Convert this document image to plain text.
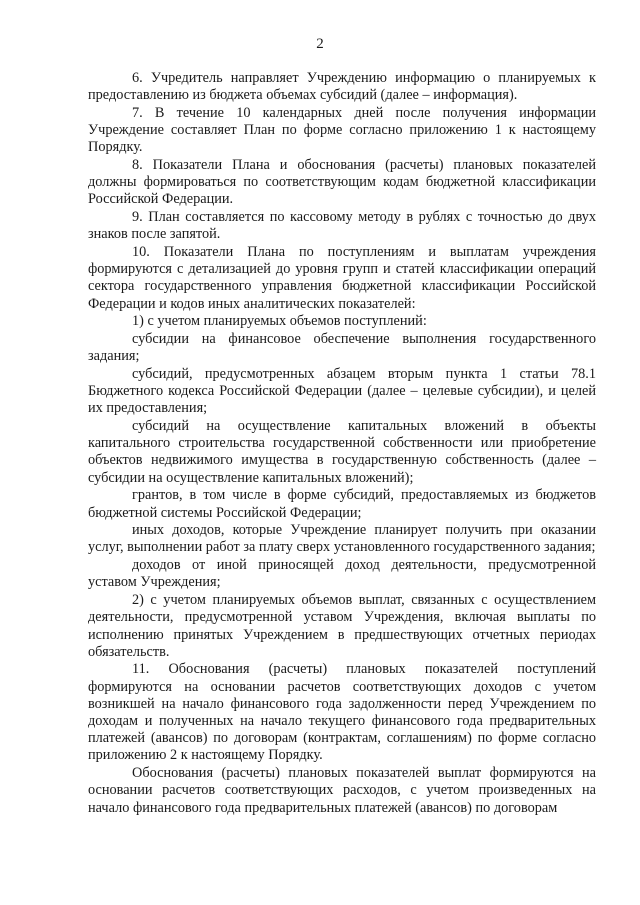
2

6. Учредитель направляет Учреждению информацию о планируемых к предоставлению из бюджета объемах субсидий (далее – информация).

7. В течение 10 календарных дней после получения информации Учреждение составляет План по форме согласно приложению 1 к настоящему Порядку.

8. Показатели Плана и обоснования (расчеты) плановых показателей должны формироваться по соответствующим кодам бюджетной классификации Российской Федерации.

9. План составляется по кассовому методу в рублях с точностью до двух знаков после запятой.

10. Показатели Плана по поступлениям и выплатам учреждения формируются с детализацией до уровня групп и статей классификации операций сектора государственного управления бюджетной классификации Российской Федерации и кодов иных аналитических показателей:

1) с учетом планируемых объемов поступлений:

субсидии на финансовое обеспечение выполнения государственного задания;

субсидий, предусмотренных абзацем вторым пункта 1 статьи 78.1 Бюджетного кодекса Российской Федерации (далее – целевые субсидии), и целей их предоставления;

субсидий на осуществление капитальных вложений в объекты капитального строительства государственной собственности или приобретение объектов недвижимого имущества в государственную собственность (далее – субсидии на осуществление капитальных вложений);

грантов, в том числе в форме субсидий, предоставляемых из бюджетов бюджетной системы Российской Федерации;

иных доходов, которые Учреждение планирует получить при оказании услуг, выполнении работ за плату сверх установленного государственного задания;

доходов от иной приносящей доход деятельности, предусмотренной уставом Учреждения;

2) с учетом планируемых объемов выплат, связанных с осуществлением деятельности, предусмотренной уставом Учреждения, включая выплаты по исполнению принятых Учреждением в предшествующих отчетных периодах обязательств.

11. Обоснования (расчеты) плановых показателей поступлений формируются на основании расчетов соответствующих доходов с учетом возникшей на начало финансового года задолженности перед Учреждением по доходам и полученных на начало текущего финансового года предварительных платежей (авансов) по договорам (контрактам, соглашениям) по форме согласно приложению 2 к настоящему Порядку.

Обоснования (расчеты) плановых показателей выплат формируются на основании расчетов соответствующих расходов, с учетом произведенных на начало финансового года предварительных платежей (авансов) по договорам
